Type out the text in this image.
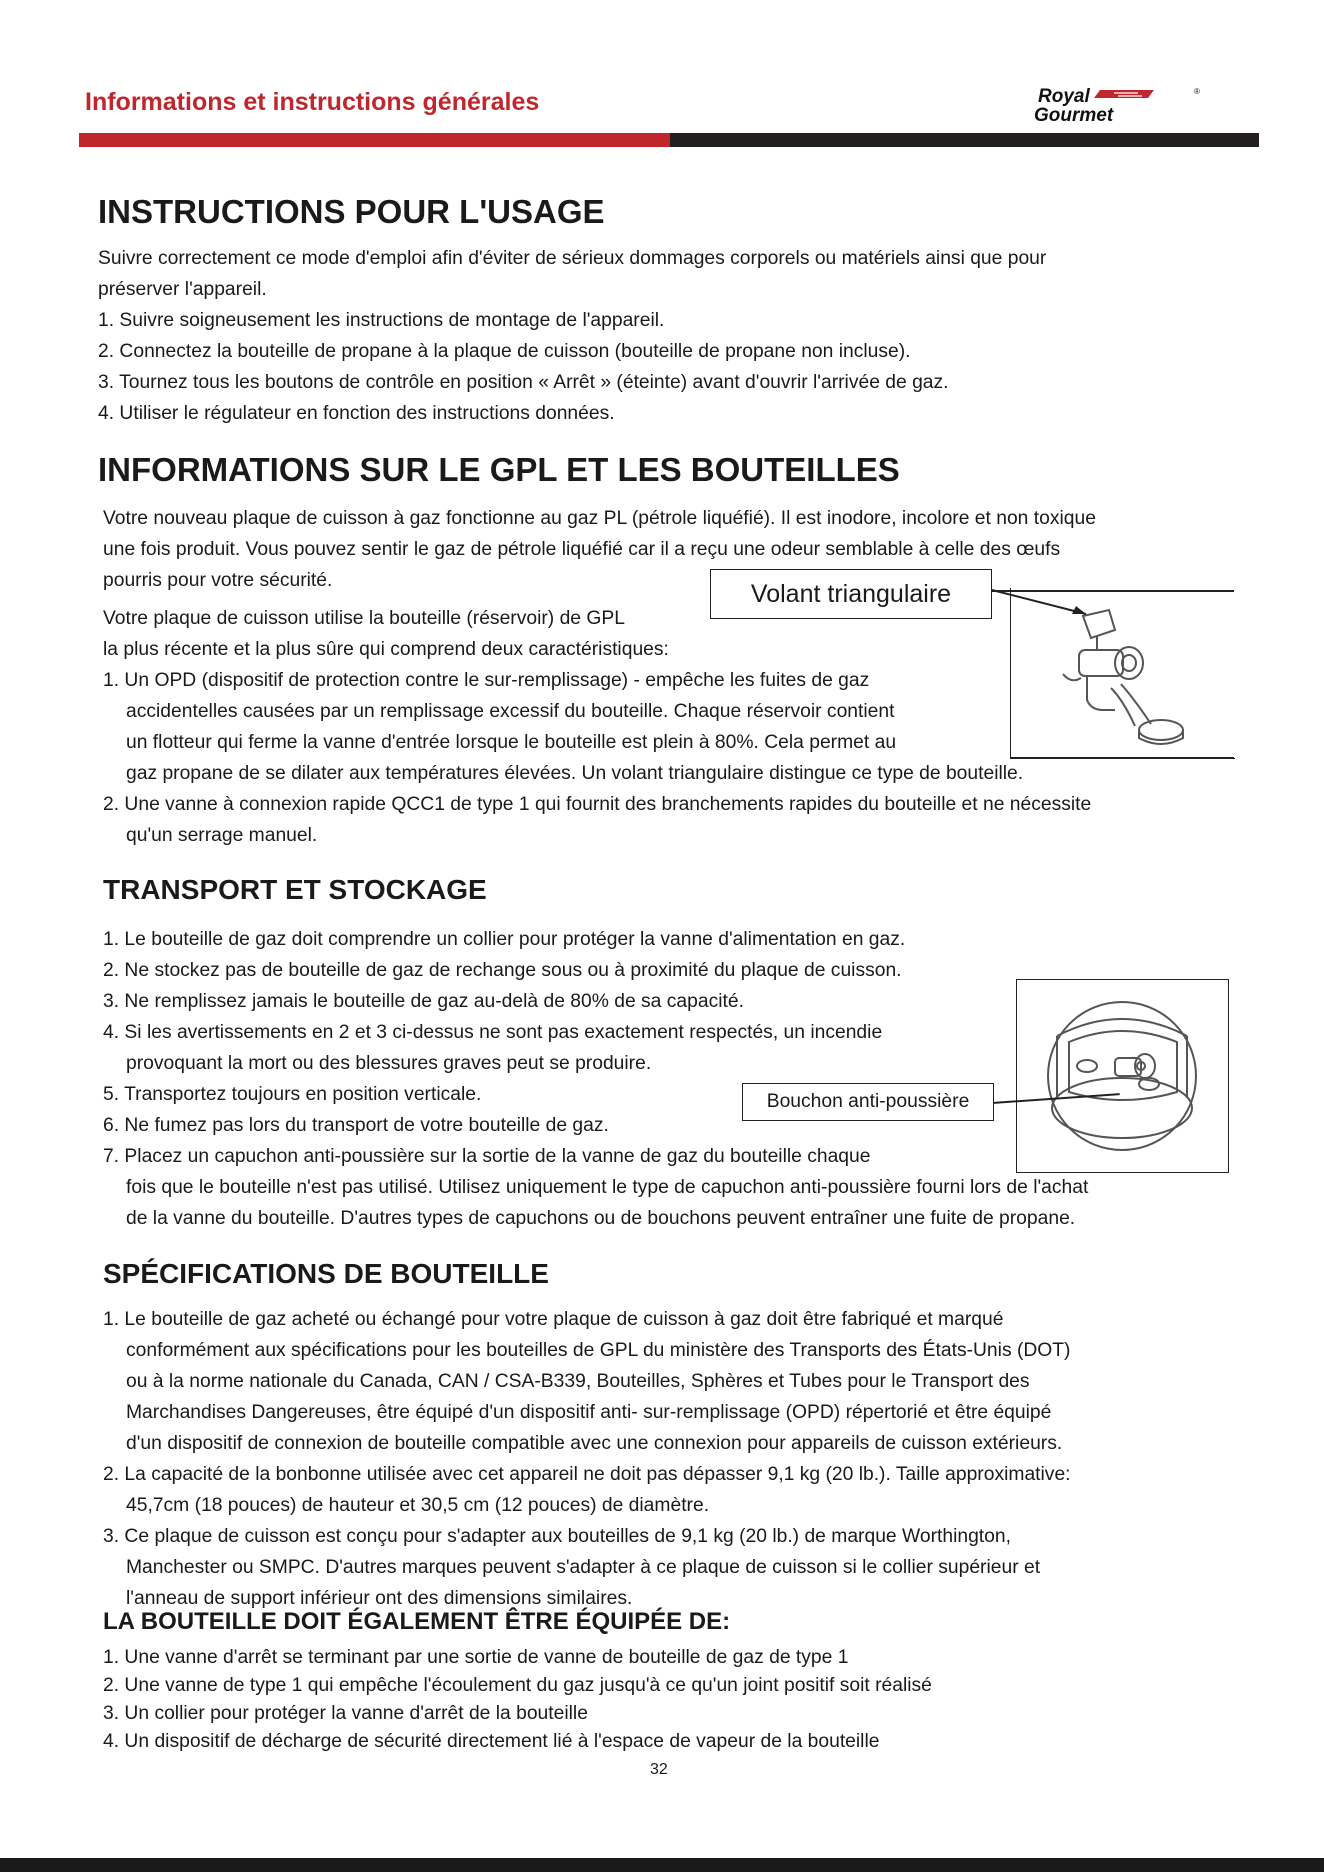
Informations et instructions générales	Royal
Gourmet
®
INSTRUCTIONS POUR L'USAGE
Suivre correctement ce mode d'emploi afin d'éviter de sérieux dommages corporels ou matériels ainsi que pour
préserver l'appareil.
1. Suivre soigneusement les instructions de montage de l'appareil.
2. Connectez la bouteille de propane à la plaque de cuisson (bouteille de propane non incluse).
3. Tournez tous les boutons de contrôle en position « Arrêt » (éteinte) avant d'ouvrir l'arrivée de gaz.
4. Utiliser le régulateur en fonction des instructions données.
INFORMATIONS SUR LE GPL ET LES BOUTEILLES
Votre nouveau plaque de cuisson à gaz fonctionne au gaz PL (pétrole liquéfié). Il est inodore, incolore et non toxique
une fois produit. Vous pouvez sentir le gaz de pétrole liquéfié car il a reçu une odeur semblable à celle des œufs
pourris pour votre sécurité.
Votre plaque de cuisson utilise la bouteille (réservoir) de GPL
la plus récente et la plus sûre qui comprend deux caractéristiques:
1. Un OPD (dispositif de protection contre le sur-remplissage) - empêche les fuites de gaz
accidentelles causées par un remplissage excessif du bouteille. Chaque réservoir contient
un flotteur qui ferme la vanne d'entrée lorsque le bouteille est plein à 80%. Cela permet au
gaz propane de se dilater aux températures élevées. Un volant triangulaire distingue ce type de bouteille.
2. Une vanne à connexion rapide QCC1 de type 1 qui fournit des branchements rapides du bouteille et ne nécessite
qu'un serrage manuel.
Volant triangulaire
TRANSPORT ET STOCKAGE
1. Le bouteille de gaz doit comprendre un collier pour protéger la vanne d'alimentation en gaz.
2. Ne stockez pas de bouteille de gaz de rechange sous ou à proximité du plaque de cuisson.
3. Ne remplissez jamais le bouteille de gaz au-delà de 80% de sa capacité.
4. Si les avertissements en 2 et 3 ci-dessus ne sont pas exactement respectés, un incendie
provoquant la mort ou des blessures graves peut se produire.
5. Transportez toujours en position verticale.
6. Ne fumez pas lors du transport de votre bouteille de gaz.
7. Placez un capuchon anti-poussière sur la sortie de la vanne de gaz du bouteille chaque
fois que le bouteille n'est pas utilisé. Utilisez uniquement le type de capuchon anti-poussière fourni lors de l'achat
de la vanne du bouteille. D'autres types de capuchons ou de bouchons peuvent entraîner une fuite de propane.
Bouchon anti-poussière
SPÉCIFICATIONS DE BOUTEILLE
1. Le bouteille de gaz acheté ou échangé pour votre plaque de cuisson à gaz doit être fabriqué et marqué
conformément aux spécifications pour les bouteilles de GPL du ministère des Transports des États-Unis (DOT)
ou à la norme nationale du Canada, CAN / CSA-B339, Bouteilles, Sphères et Tubes pour le Transport des
Marchandises Dangereuses, être équipé d'un dispositif anti- sur-remplissage (OPD) répertorié et être équipé
d'un dispositif de connexion de bouteille compatible avec une connexion pour appareils de cuisson extérieurs.
2. La capacité de la bonbonne utilisée avec cet appareil ne doit pas dépasser 9,1 kg (20 lb.). Taille approximative:
45,7cm (18 pouces) de hauteur et 30,5 cm (12 pouces) de diamètre.
3. Ce plaque de cuisson est conçu pour s'adapter aux bouteilles de 9,1 kg (20 lb.) de marque Worthington,
Manchester ou SMPC. D'autres marques peuvent s'adapter à ce plaque de cuisson si le collier supérieur et
l'anneau de support inférieur ont des dimensions similaires.
LA BOUTEILLE DOIT ÉGALEMENT ÊTRE ÉQUIPÉE DE:
1. Une vanne d'arrêt se terminant par une sortie de vanne de bouteille de gaz de type 1
2. Une vanne de type 1 qui empêche l'écoulement du gaz jusqu'à ce qu'un joint positif soit réalisé
3. Un collier pour protéger la vanne d'arrêt de la bouteille
4. Un dispositif de décharge de sécurité directement lié à l'espace de vapeur de la bouteille
32
